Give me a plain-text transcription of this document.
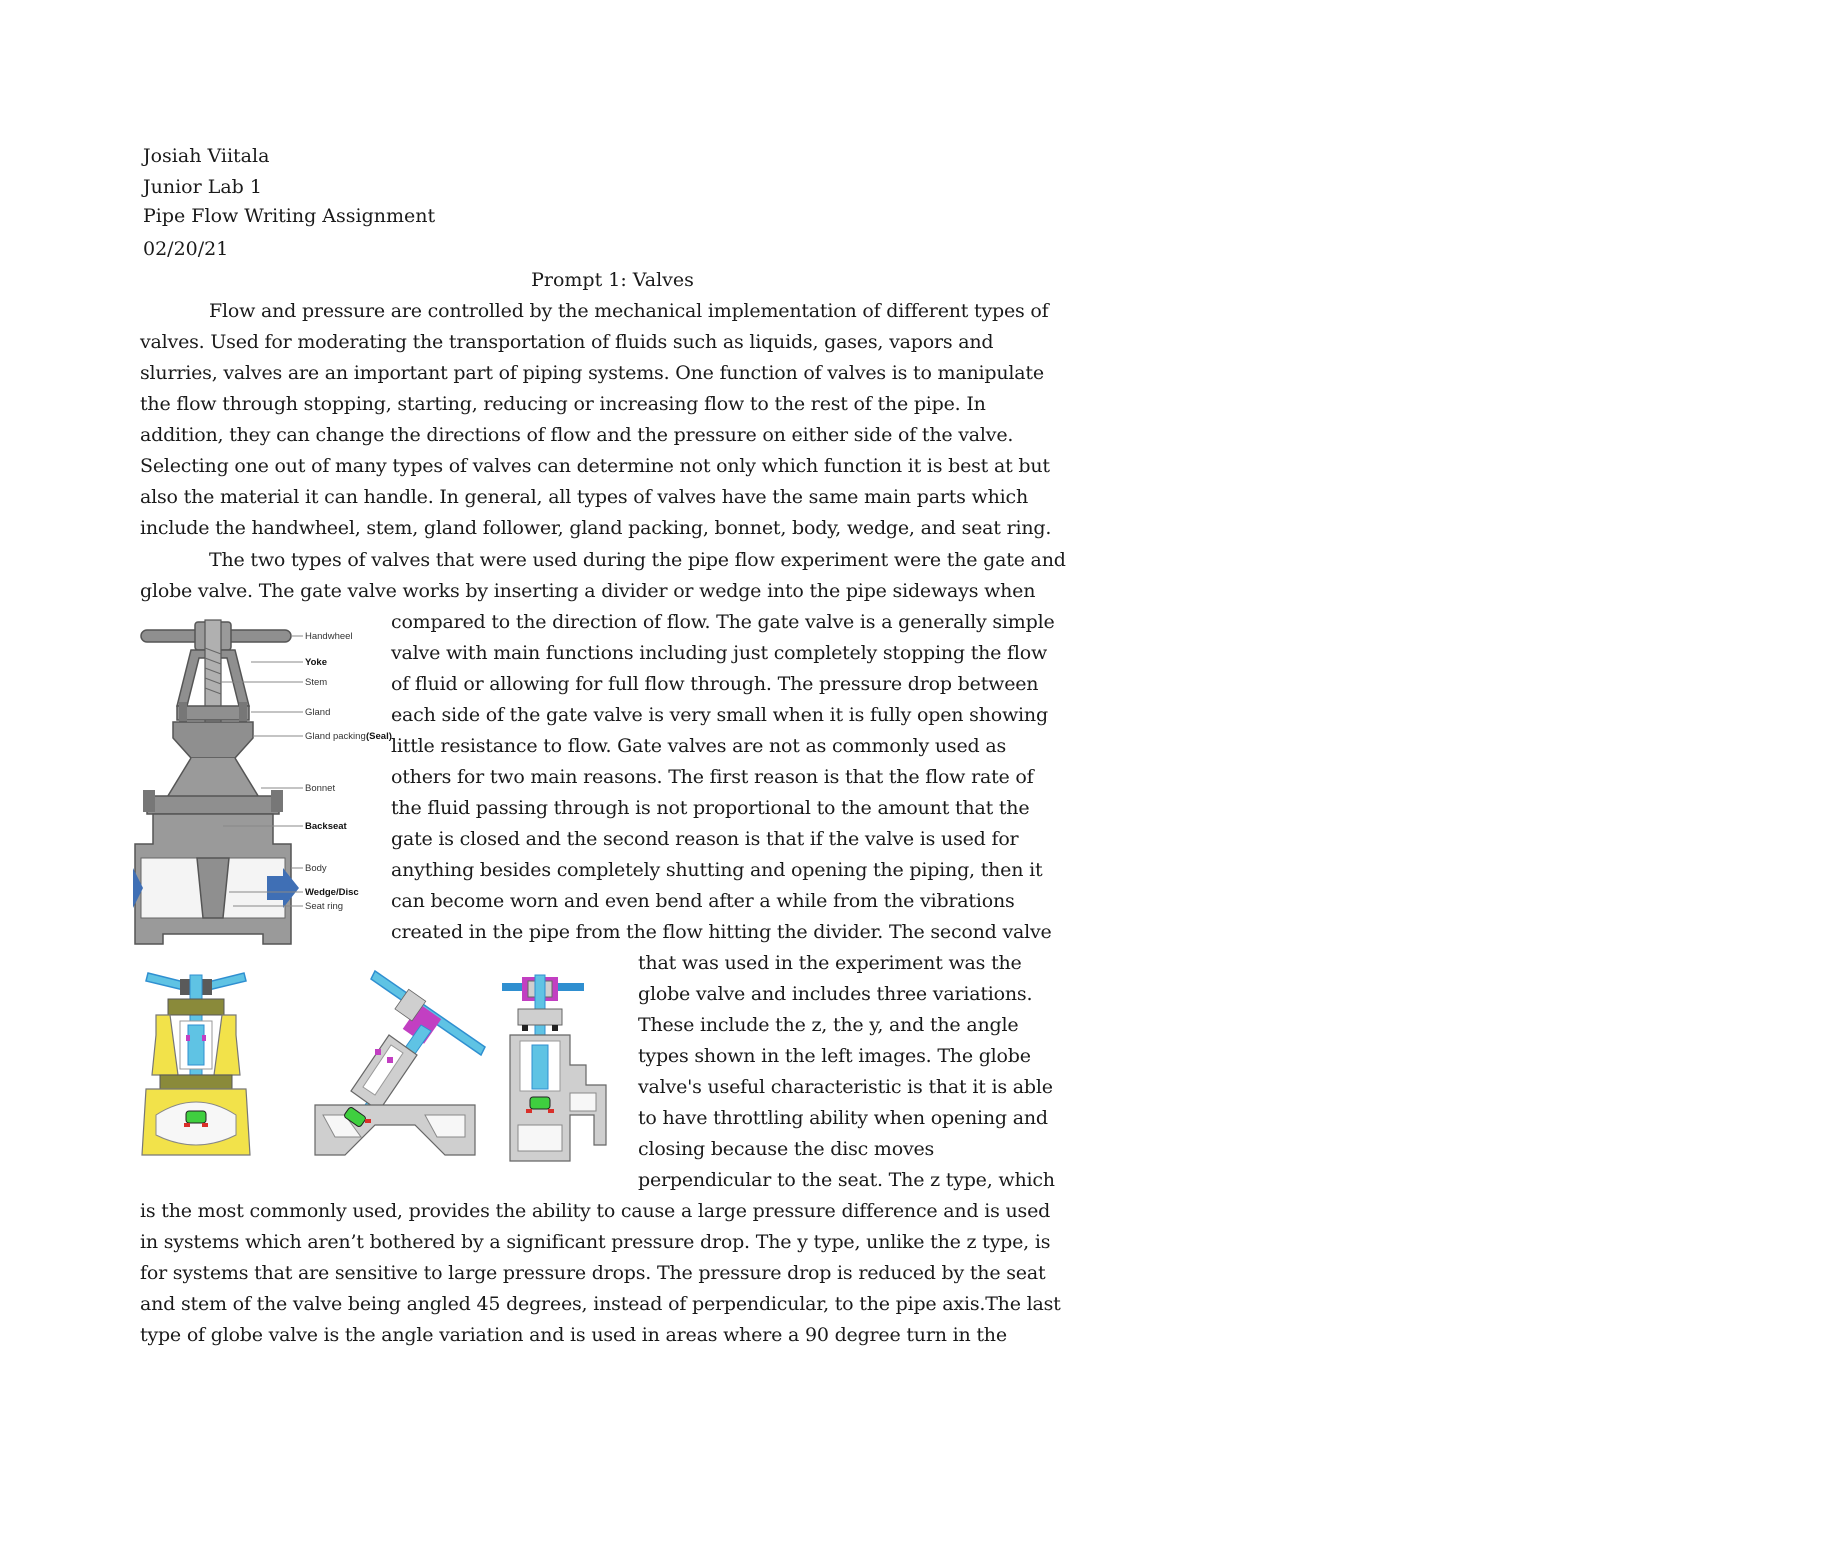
Josiah Viitala
Junior Lab 1
Pipe Flow Writing Assignment
02/20/21
Prompt 1: Valves
Flow and pressure are controlled by the mechanical implementation of different types of
valves. Used for moderating the transportation of fluids such as liquids, gases, vapors and
slurries, valves are an important part of piping systems. One function of valves is to manipulate
the flow through stopping, starting, reducing or increasing flow to the rest of the pipe. In
addition, they can change the directions of flow and the pressure on either side of the valve.
Selecting one out of many types of valves can determine not only which function it is best at but
also the material it can handle. In general, all types of valves have the same main parts which
include the handwheel, stem, gland follower, gland packing, bonnet, body, wedge, and seat ring.
The two types of valves that were used during the pipe flow experiment were the gate and
globe valve. The gate valve works by inserting a divider or wedge into the pipe sideways when
compared to the direction of flow. The gate valve is a generally simple
valve with main functions including just completely stopping the flow
of fluid or allowing for full flow through. The pressure drop between
each side of the gate valve is very small when it is fully open showing
little resistance to flow. Gate valves are not as commonly used as
others for two main reasons. The first reason is that the flow rate of
the fluid passing through is not proportional to the amount that the
gate is closed and the second reason is that if the valve is used for
anything besides completely shutting and opening the piping, then it
can become worn and even bend after a while from the vibrations
created in the pipe from the flow hitting the divider. The second valve
that was used in the experiment was the
globe valve and includes three variations.
These include the z, the y, and the angle
types shown in the left images. The globe
valve's useful characteristic is that it is able
to have throttling ability when opening and
closing because the disc moves
perpendicular to the seat. The z type, which
is the most commonly used, provides the ability to cause a large pressure difference and is used
in systems which aren’t bothered by a significant pressure drop. The y type, unlike the z type, is
for systems that are sensitive to large pressure drops. The pressure drop is reduced by the seat
and stem of the valve being angled 45 degrees, instead of perpendicular, to the pipe axis.The last
type of globe valve is the angle variation and is used in areas where a 90 degree turn in the
Handwheel
Yoke
Stem
Gland
Gland packing (Seal)
Bonnet
Backseat
Body
Wedge/Disc
Seat ring
